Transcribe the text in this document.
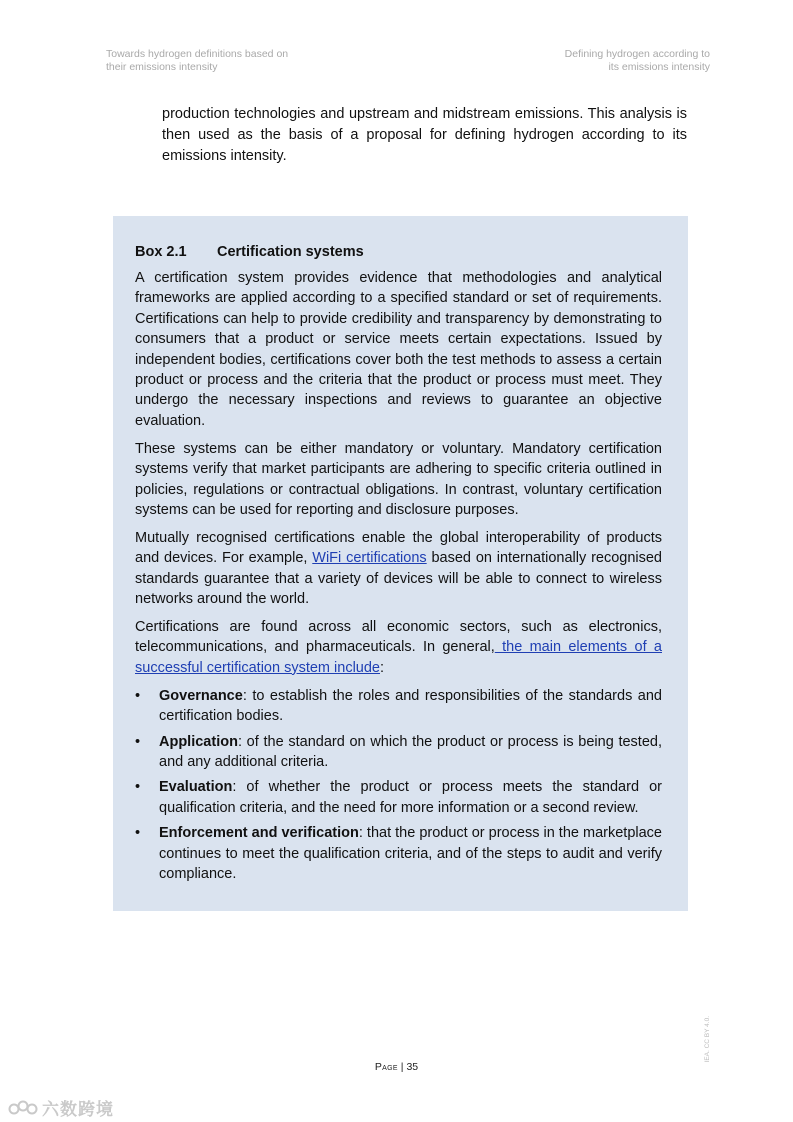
Towards hydrogen definitions based on
their emissions intensity
Defining hydrogen according to
its emissions intensity

production technologies and upstream and midstream emissions. This analysis is then used as the basis of a proposal for defining hydrogen according to its emissions intensity.

Box 2.1 Certification systems

A certification system provides evidence that methodologies and analytical frameworks are applied according to a specified standard or set of requirements. Certifications can help to provide credibility and transparency by demonstrating to consumers that a product or service meets certain expectations. Issued by independent bodies, certifications cover both the test methods to assess a certain product or process and the criteria that the product or process must meet. They undergo the necessary inspections and reviews to guarantee an objective evaluation.

These systems can be either mandatory or voluntary. Mandatory certification systems verify that market participants are adhering to specific criteria outlined in policies, regulations or contractual obligations. In contrast, voluntary certification systems can be used for reporting and disclosure purposes.

Mutually recognised certifications enable the global interoperability of products and devices. For example, WiFi certifications based on internationally recognised standards guarantee that a variety of devices will be able to connect to wireless networks around the world.

Certifications are found across all economic sectors, such as electronics, telecommunications, and pharmaceuticals. In general, the main elements of a successful certification system include:

• Governance: to establish the roles and responsibilities of the standards and certification bodies.
• Application: of the standard on which the product or process is being tested, and any additional criteria.
• Evaluation: of whether the product or process meets the standard or qualification criteria, and the need for more information or a second review.
• Enforcement and verification: that the product or process in the marketplace continues to meet the qualification criteria, and of the steps to audit and verify compliance.
IEA. CC BY 4.0.
Page | 35
六数跨境
